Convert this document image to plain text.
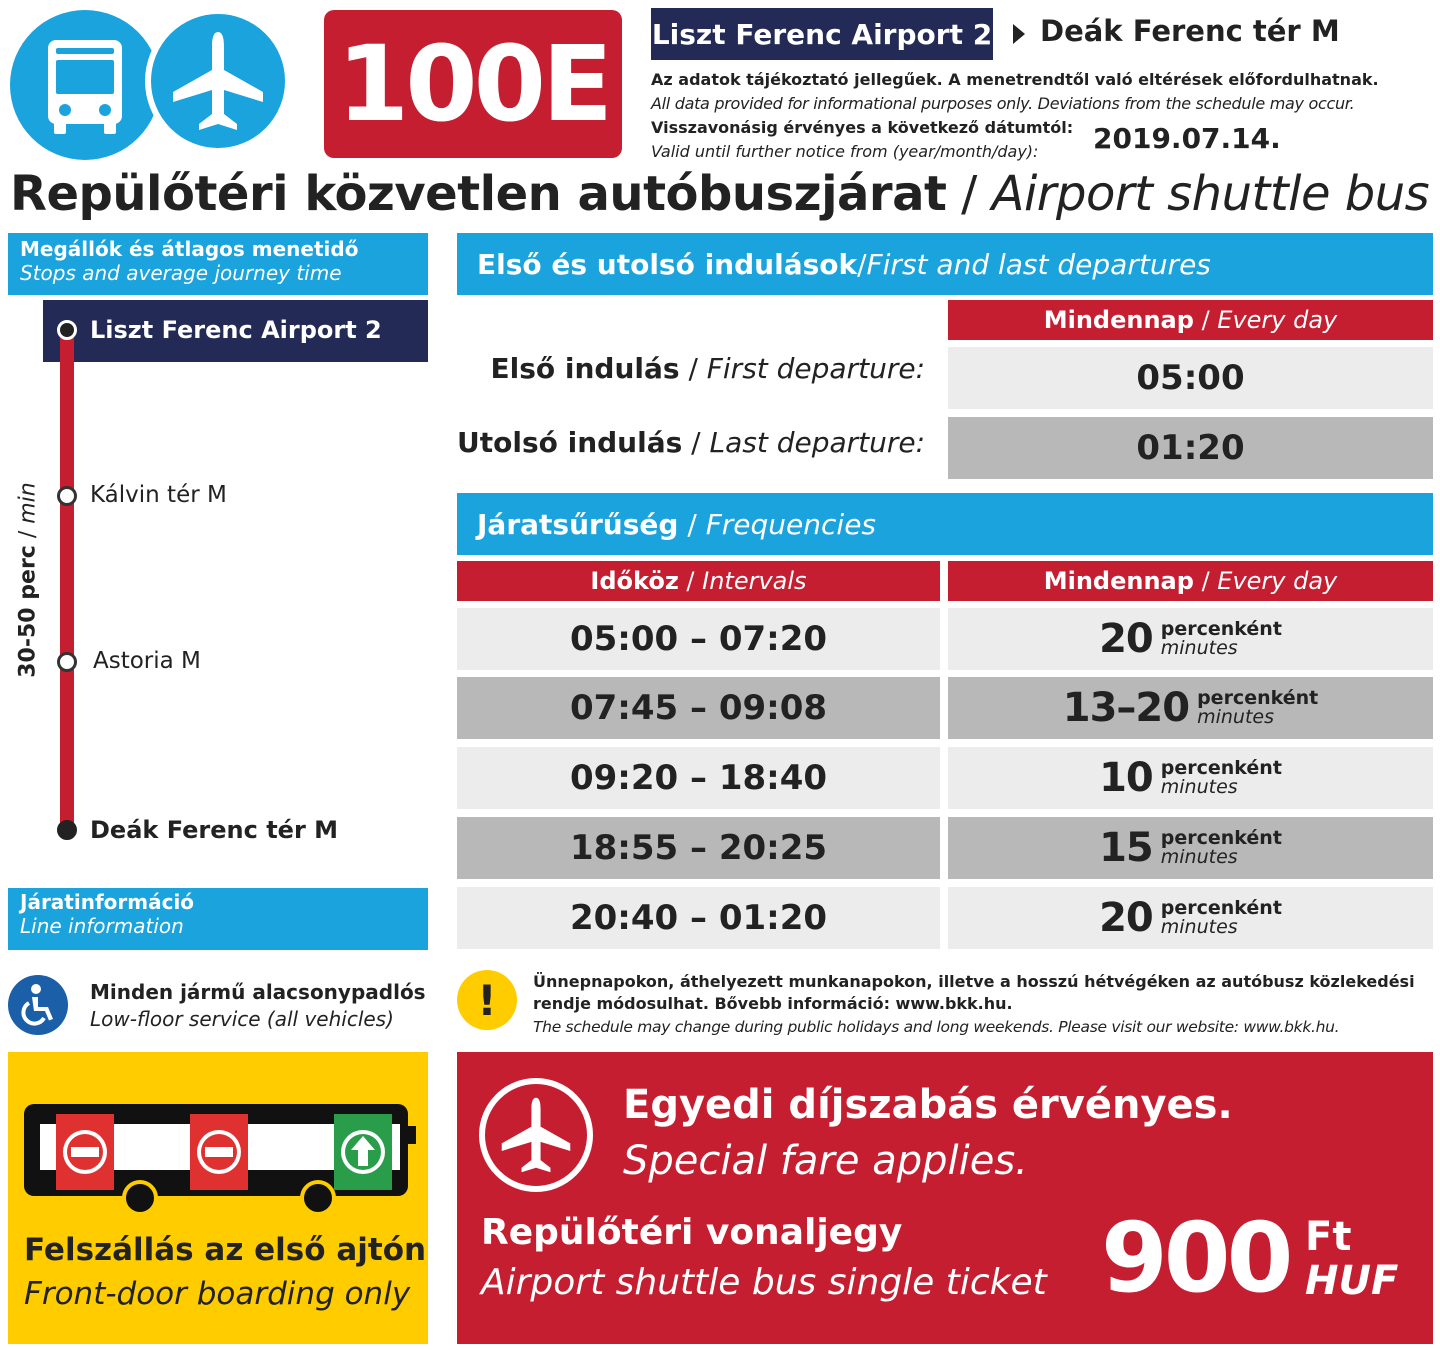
100E Liszt Ferenc Airport 2 Deák Ferenc tér M
Az adatok tájékoztató jellegűek. A menetrendtől való eltérések előfordulhatnak.
All data provided for informational purposes only. Deviations from the schedule may occur.
Visszavonásig érvényes a következő dátumtól:
Valid until further notice from (year/month/day): 2019.07.14.
Repülőtéri közvetlen autóbuszjárat / Airport shuttle bus
Megállók és átlagos menetidő
Stops and average journey time
Liszt Ferenc Airport 2
Kálvin tér M
Astoria M
Deák Ferenc tér M
30-50 perc / min
Járatinformáció
Line information
Minden jármű alacsonypadlós
Low-floor service (all vehicles)
Felszállás az első ajtón
Front-door boarding only
Első és utolsó indulások / First and last departures
Mindennap / Every day
Első indulás / First departure:	05:00
Utolsó indulás / Last departure:	01:20
Járatsűrűség / Frequencies
Időköz / Intervals	Mindennap / Every day
05:00 – 07:20	20 percenként
minutes
07:45 – 09:08	13–20 percenként
minutes
09:20 – 18:40	10 percenként
minutes
18:55 – 20:25	15 percenként
minutes
20:40 – 01:20	20 percenként
minutes
!	Ünnepnapokon, áthelyezett munkanapokon, illetve a hosszú hétvégéken az autóbusz közlekedési rendje módosulhat. Bővebb információ: www.bkk.hu.
The schedule may change during public holidays and long weekends. Please visit our website: www.bkk.hu.
Egyedi díjszabás érvényes.
Special fare applies.
Repülőtéri vonaljegy
Airport shuttle bus single ticket 900 Ft
HUF
